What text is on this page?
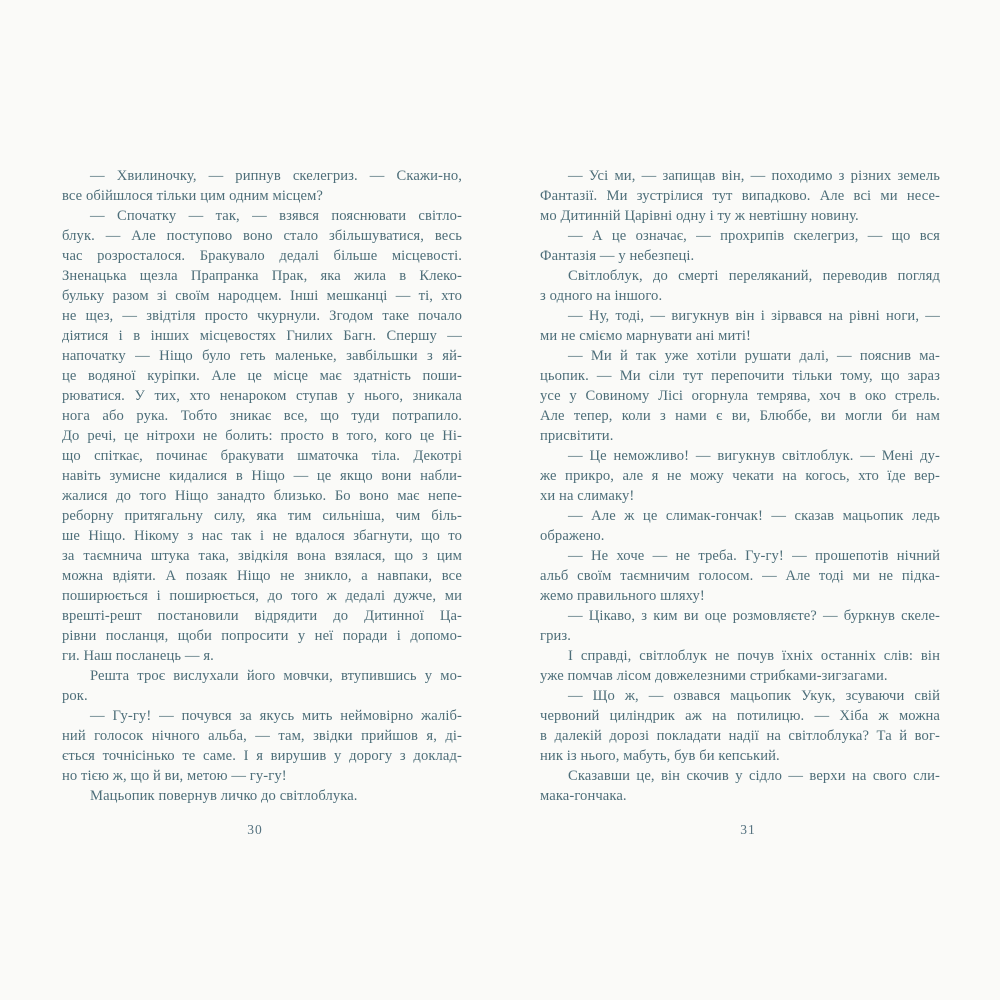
— Хвилиночку, — рипнув скелегриз. — Скажи-но,
все обійшлося тільки цим одним місцем?
— Спочатку — так, — взявся пояснювати світло-
блук. — Але поступово воно стало збільшуватися, весь
час розросталося. Бракувало дедалі більше місцевості.
Зненацька щезла Прапранка Прак, яка жила в Клеко-
бульку разом зі своїм народцем. Інші мешканці — ті, хто
не щез, — звідтіля просто чкурнули. Згодом таке почало
діятися і в інших місцевостях Гнилих Багн. Спершу —
напочатку — Ніщо було геть маленьке, завбільшки з яй-
це водяної куріпки. Але це місце має здатність поши-
рюватися. У тих, хто ненароком ступав у нього, зникала
нога або рука. Тобто зникає все, що туди потрапило.
До речі, це нітрохи не болить: просто в того, кого це Ні-
що спіткає, починає бракувати шматочка тіла. Декотрі
навіть зумисне кидалися в Ніщо — це якщо вони набли-
жалися до того Ніщо занадто близько. Бо воно має непе-
реборну притягальну силу, яка тим сильніша, чим біль-
ше Ніщо. Нікому з нас так і не вдалося збагнути, що то
за таємнича штука така, звідкіля вона взялася, що з цим
можна вдіяти. А позаяк Ніщо не зникло, а навпаки, все
поширюється і поширюється, до того ж дедалі дужче, ми
врешті-решт постановили відрядити до Дитинної Ца-
рівни посланця, щоби попросити у неї поради і допомо-
ги. Наш посланець — я.
Решта троє вислухали його мовчки, втупившись у мо-
рок.
— Гу-гу! — почувся за якусь мить неймовірно жаліб-
ний голосок нічного альба, — там, звідки прийшов я, ді-
ється точнісінько те саме. І я вирушив у дорогу з доклад-
но тією ж, що й ви, метою — гу-гу!
Мацьопик повернув личко до світлоблука.
— Усі ми, — запищав він, — походимо з різних земель
Фантазії. Ми зустрілися тут випадково. Але всі ми несе-
мо Дитинній Царівні одну і ту ж невтішну новину.
— А це означає, — прохрипів скелегриз, — що вся
Фантазія — у небезпеці.
Світлоблук, до смерті переляканий, переводив погляд
з одного на іншого.
— Ну, тоді, — вигукнув він і зірвався на рівні ноги, —
ми не сміємо марнувати ані миті!
— Ми й так уже хотіли рушати далі, — пояснив ма-
цьопик. — Ми сіли тут перепочити тільки тому, що зараз
усе у Совиному Лісі огорнула темрява, хоч в око стрель.
Але тепер, коли з нами є ви, Блюббе, ви могли би нам
присвітити.
— Це неможливо! — вигукнув світлоблук. — Мені ду-
же прикро, але я не можу чекати на когось, хто їде вер-
хи на слимаку!
— Але ж це слимак-гончак! — сказав мацьопик ледь
ображено.
— Не хоче — не треба. Гу-гу! — прошепотів нічний
альб своїм таємничим голосом. — Але тоді ми не підка-
жемо правильного шляху!
— Цікаво, з ким ви оце розмовляєте? — буркнув скеле-
гриз.
І справді, світлоблук не почув їхніх останніх слів: він
уже помчав лісом довжелезними стрибками-зигзагами.
— Що ж, — озвався мацьопик Укук, зсуваючи свій
червоний циліндрик аж на потилицю. — Хіба ж можна
в далекій дорозі покладати надії на світлоблука? Та й вог-
ник із нього, мабуть, був би кепський.
Сказавши це, він скочив у сідло — верхи на свого сли-
мака-гончака.
30	31
